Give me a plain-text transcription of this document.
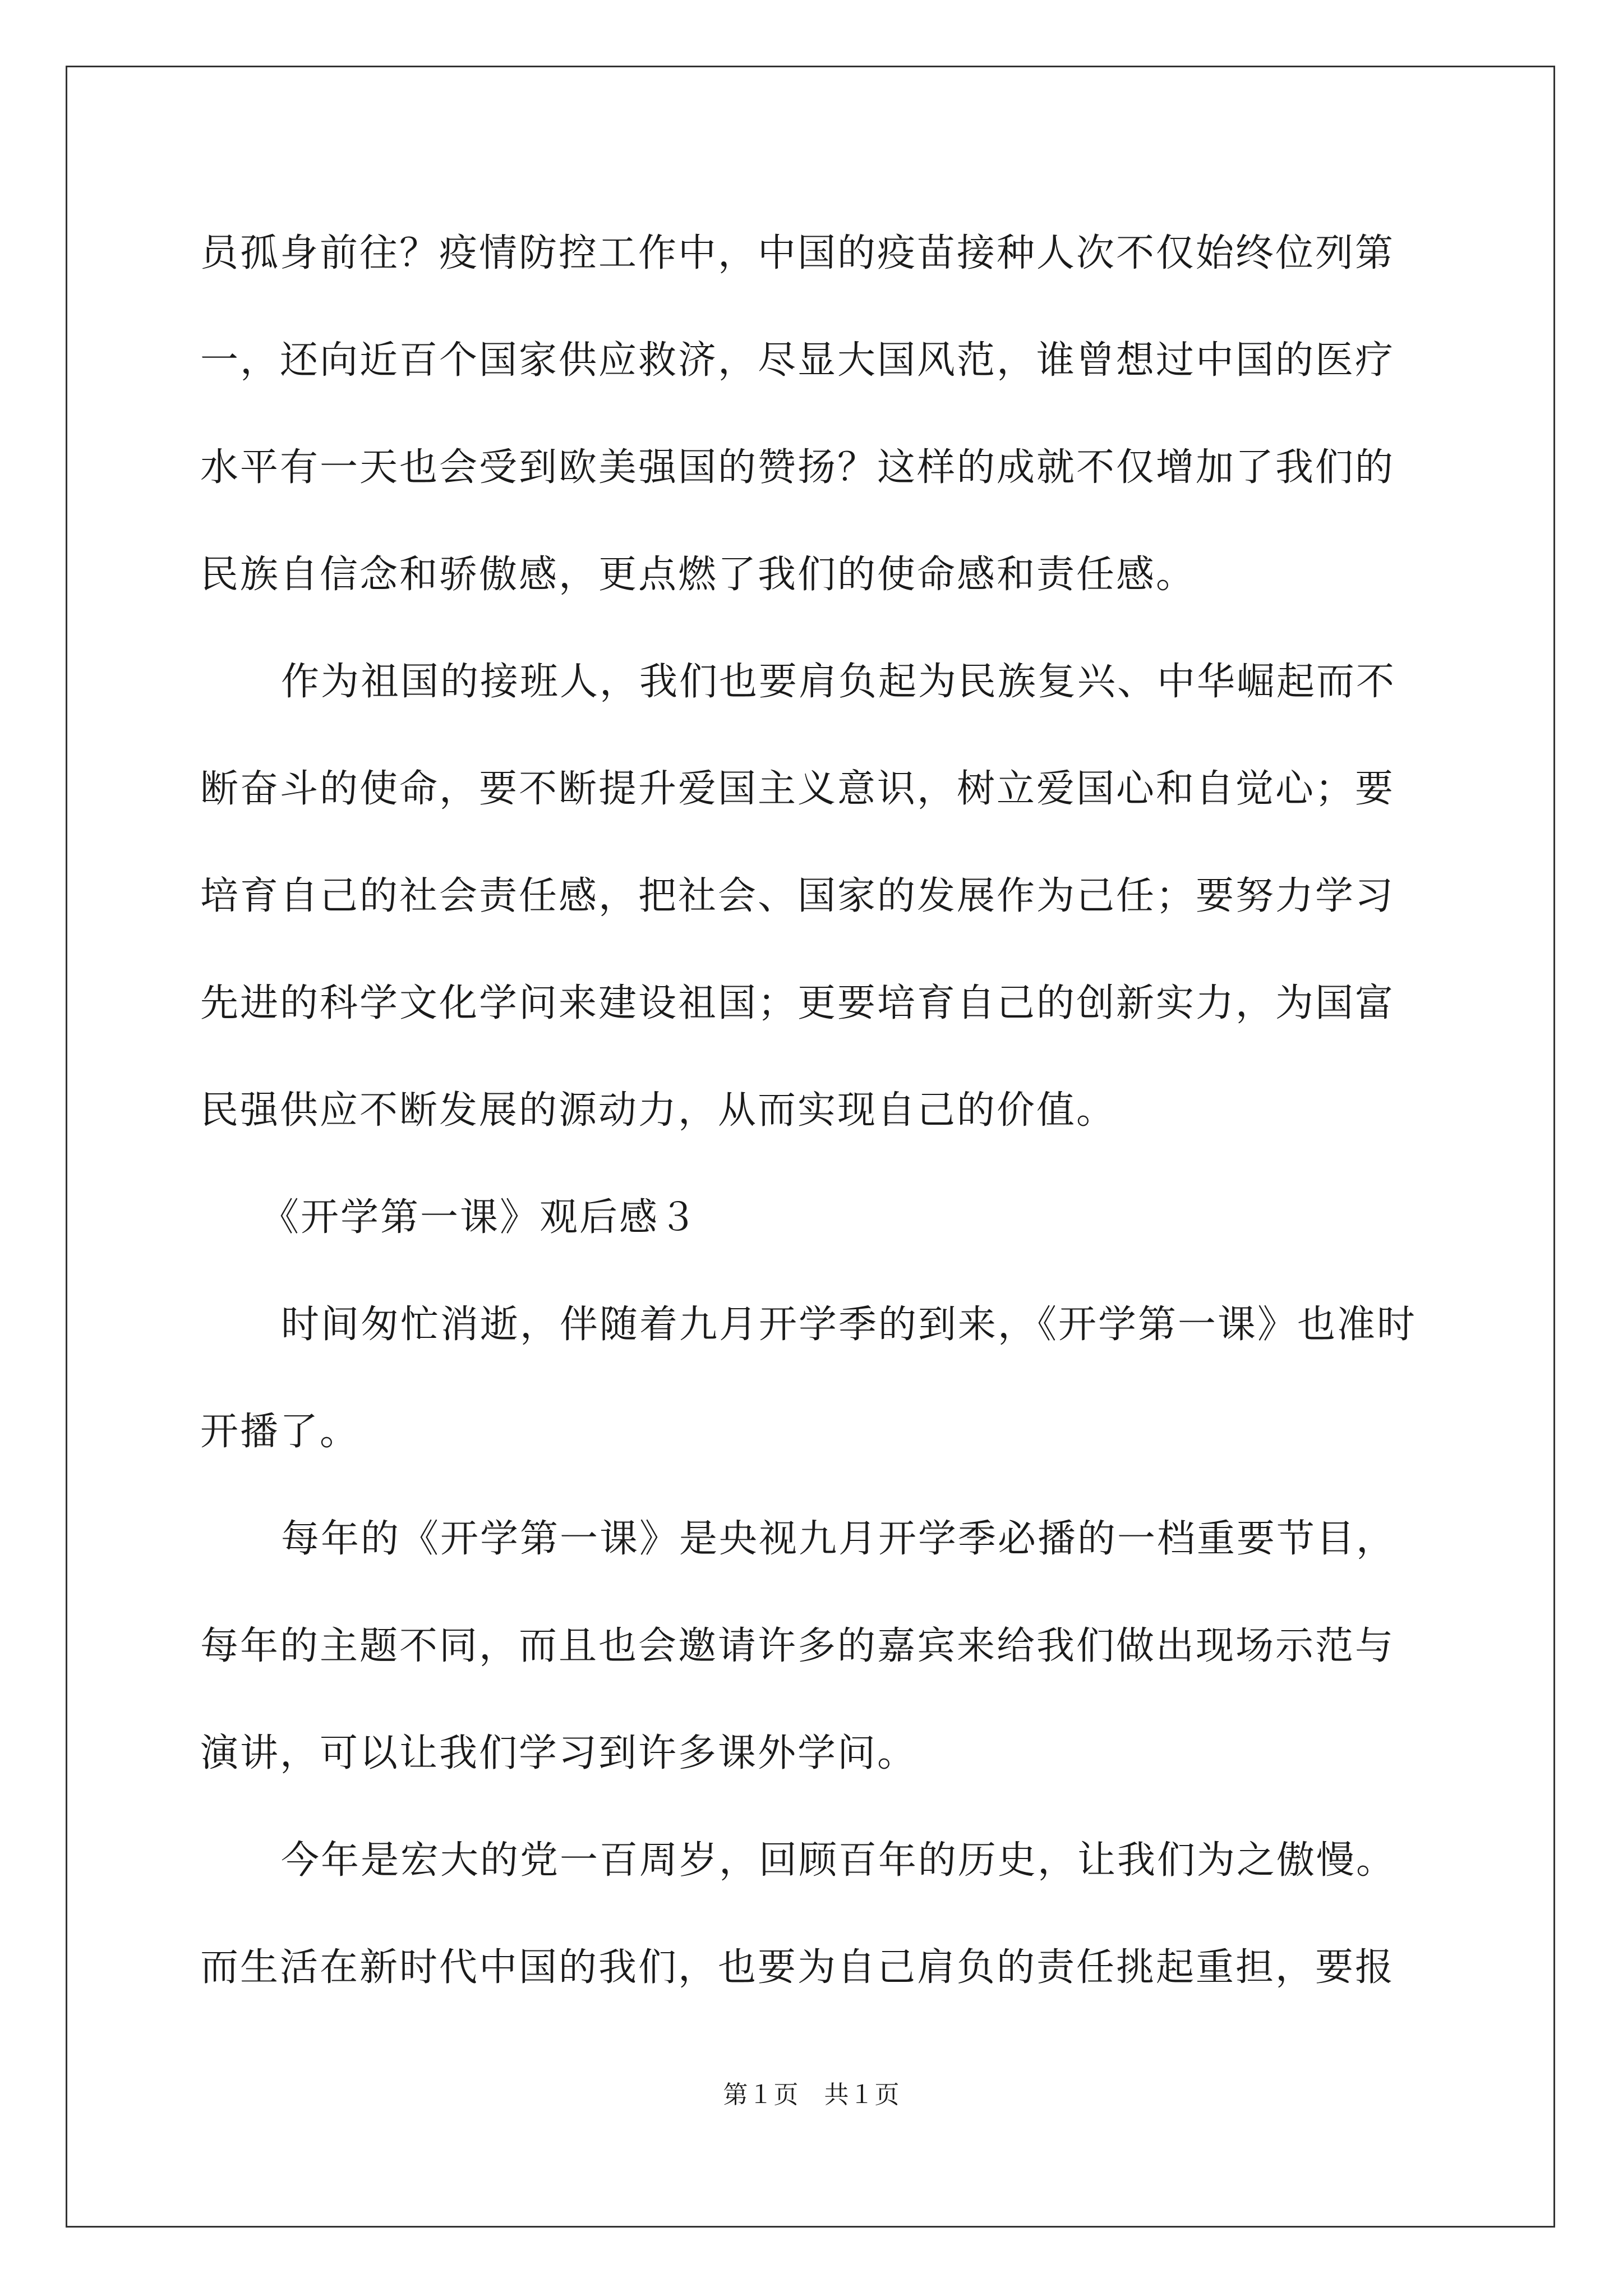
员孤身前往？疫情防控工作中，中国的疫苗接种人次不仅始终位列第
一，还向近百个国家供应救济，尽显大国风范，谁曾想过中国的医疗
水平有一天也会受到欧美强国的赞扬？这样的成就不仅增加了我们的
民族自信念和骄傲感，更点燃了我们的使命感和责任感。
作为祖国的接班人，我们也要肩负起为民族复兴、中华崛起而不
断奋斗的使命，要不断提升爱国主义意识，树立爱国心和自觉心；要
培育自己的社会责任感，把社会、国家的发展作为己任；要努力学习
先进的科学文化学问来建设祖国；更要培育自己的创新实力，为国富
民强供应不断发展的源动力，从而实现自己的价值。
《开学第一课》观后感３
时间匆忙消逝，伴随着九月开学季的到来，《开学第一课》也准时
开播了。
每年的《开学第一课》是央视九月开学季必播的一档重要节目，
每年的主题不同，而且也会邀请许多的嘉宾来给我们做出现场示范与
演讲，可以让我们学习到许多课外学问。
今年是宏大的党一百周岁，回顾百年的历史，让我们为之傲慢。
而生活在新时代中国的我们，也要为自己肩负的责任挑起重担，要报
第１页　共１页
